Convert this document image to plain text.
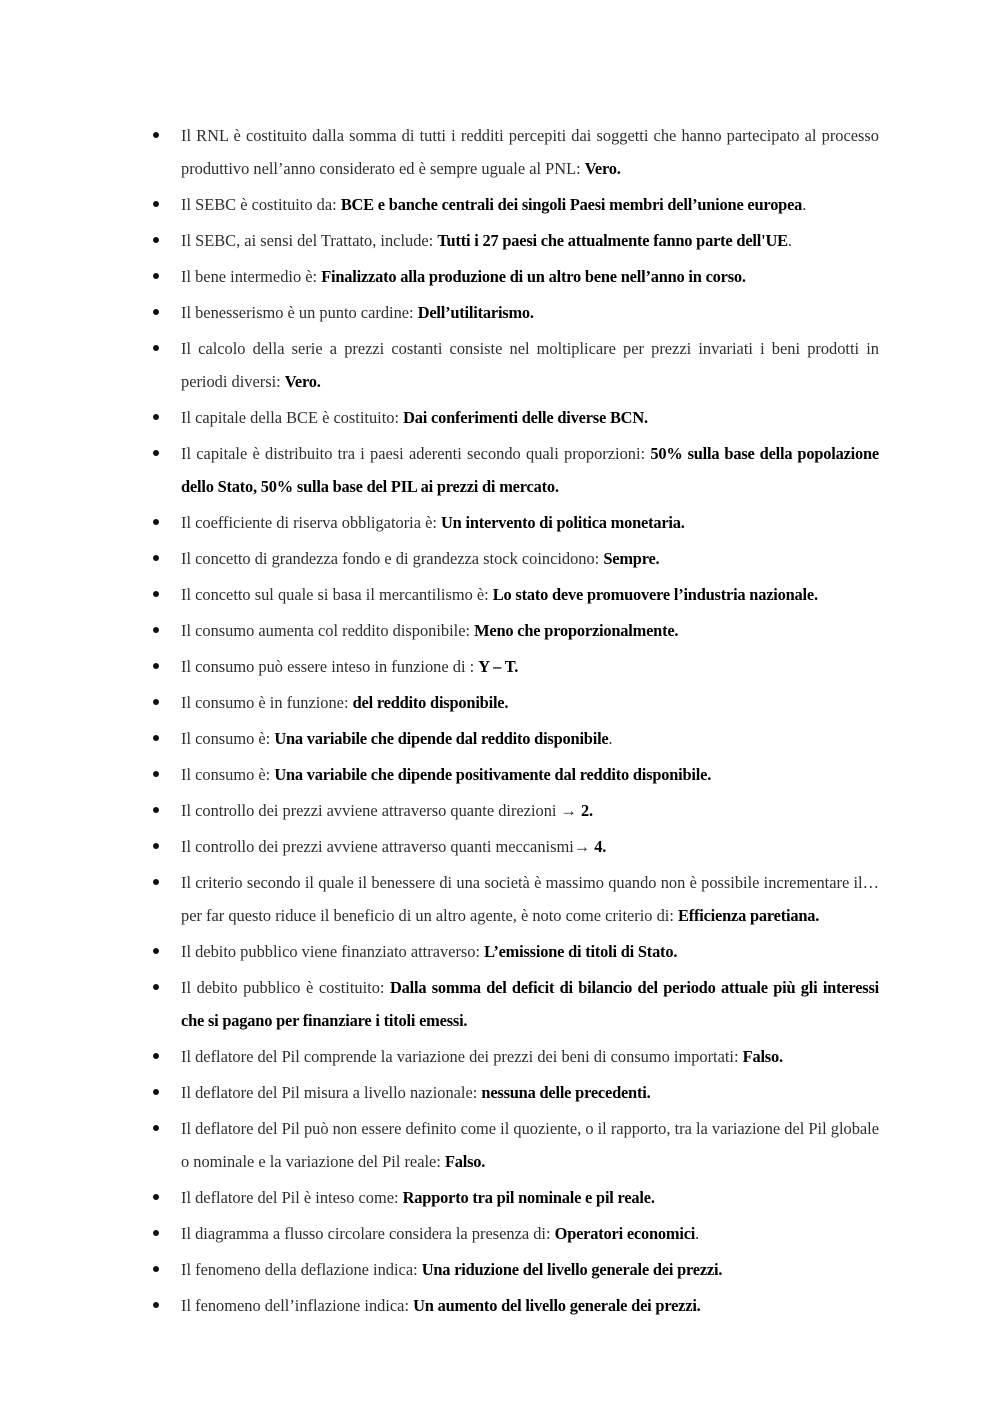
Il RNL è costituito dalla somma di tutti i redditi percepiti dai soggetti che hanno partecipato al processo produttivo nell’anno considerato ed è sempre uguale al PNL: Vero.
Il SEBC è costituito da: BCE e banche centrali dei singoli Paesi membri dell’unione europea.
Il SEBC, ai sensi del Trattato, include: Tutti i 27 paesi che attualmente fanno parte dell'UE.
Il bene intermedio è: Finalizzato alla produzione di un altro bene nell’anno in corso.
Il benesserismo è un punto cardine: Dell’utilitarismo.
Il calcolo della serie a prezzi costanti consiste nel moltiplicare per prezzi invariati i beni prodotti in periodi diversi: Vero.
Il capitale della BCE è costituito: Dai conferimenti delle diverse BCN.
Il capitale è distribuito tra i paesi aderenti secondo quali proporzioni: 50% sulla base della popolazione dello Stato, 50% sulla base del PIL ai prezzi di mercato.
Il coefficiente di riserva obbligatoria è: Un intervento di politica monetaria.
Il concetto di grandezza fondo e di grandezza stock coincidono: Sempre.
Il concetto sul quale si basa il mercantilismo è: Lo stato deve promuovere l’industria nazionale.
Il consumo aumenta col reddito disponibile: Meno che proporzionalmente.
Il consumo può essere inteso in funzione di : Y – T.
Il consumo è in funzione: del reddito disponibile.
Il consumo è: Una variabile che dipende dal reddito disponibile.
Il consumo è: Una variabile che dipende positivamente dal reddito disponibile.
Il controllo dei prezzi avviene attraverso quante direzioni → 2.
Il controllo dei prezzi avviene attraverso quanti meccanismi→ 4.
Il criterio secondo il quale il benessere di una società è massimo quando non è possibile incrementare il… per far questo riduce il beneficio di un altro agente, è noto come criterio di: Efficienza paretiana.
Il debito pubblico viene finanziato attraverso: L’emissione di titoli di Stato.
Il debito pubblico è costituito: Dalla somma del deficit di bilancio del periodo attuale più gli interessi che si pagano per finanziare i titoli emessi.
Il deflatore del Pil comprende la variazione dei prezzi dei beni di consumo importati: Falso.
Il deflatore del Pil misura a livello nazionale: nessuna delle precedenti.
Il deflatore del Pil può non essere definito come il quoziente, o il rapporto, tra la variazione del Pil globale o nominale e la variazione del Pil reale: Falso.
Il deflatore del Pil è inteso come: Rapporto tra pil nominale e pil reale.
Il diagramma a flusso circolare considera la presenza di: Operatori economici.
Il fenomeno della deflazione indica: Una riduzione del livello generale dei prezzi.
Il fenomeno dell’inflazione indica: Un aumento del livello generale dei prezzi.
